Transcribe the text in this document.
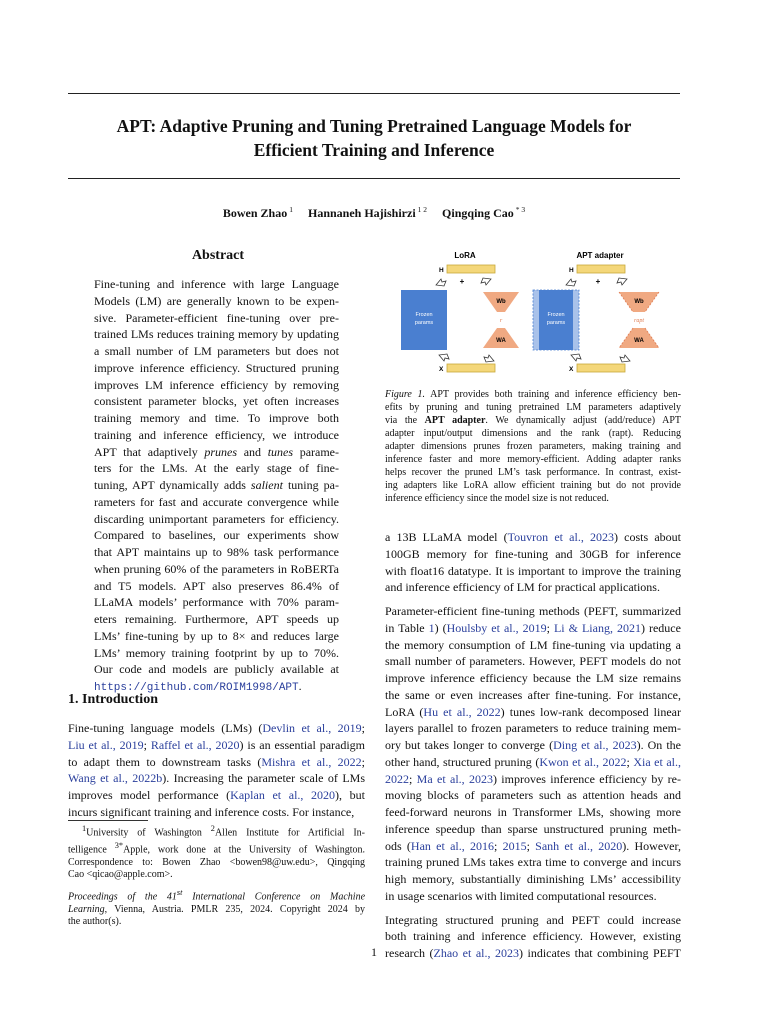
APT: Adaptive Pruning and Tuning Pretrained Language Models for
Efficient Training and Inference
Bowen Zhao $^1$ Hannaneh Hajishirzi $^{1 2}$ Qingqing Cao $^{* 3}$
Abstract
Fine-tuning and inference with large Language
Models (LM) are generally known to be expen-
sive. Parameter-efficient fine-tuning over pre-
trained LMs reduces training memory by updating
a small number of LM parameters but does not
improve inference efficiency. Structured pruning
improves LM inference efficiency by removing
consistent parameter blocks, yet often increases
training memory and time. To improve both
training and inference efficiency, we introduce
APT that adaptively prunes and tunes parame-
ters for the LMs. At the early stage of fine-
tuning, APT dynamically adds salient tuning pa-
rameters for fast and accurate convergence while
discarding unimportant parameters for efficiency.
Compared to baselines, our experiments show
that APT maintains up to 98% task performance
when pruning 60% of the parameters in RoBERTa
and T5 models. APT also preserves 86.4% of
LLaMA models’ performance with 70% param-
eters remaining. Furthermore, APT speeds up
LMs’ fine-tuning by up to 8× and reduces large
LMs’ memory training footprint by up to 70%.
Our code and models are publicly available at
https://github.com/ROIM1998/APT.
1. Introduction
Fine-tuning language models (LMs) (Devlin et al., 2019;
Liu et al., 2019; Raffel et al., 2020) is an essential paradigm
to adapt them to downstream tasks (Mishra et al., 2022;
Wang et al., 2022b). Increasing the parameter scale of LMs
improves model performance (Kaplan et al., 2020), but
incurs significant training and inference costs. For instance,
$^1$University of Washington $^2$Allen Institute for Artificial In-
telligence $^{3*}$Apple, work done at the University of Washington.
Correspondence to: Bowen Zhao <bowen98@uw.edu>, Qingqing
Cao <qicao@apple.com>.
Proceedings of the 41st International Conference on Machine
Learning, Vienna, Austria. PMLR 235, 2024. Copyright 2024 by
the author(s).
LoRA
H
+
Frozen
params
Wb
r
WA
X
APT adapter
H
+
Frozen
params
Wb
rapt
WA
X
Figure 1. APT provides both training and inference efficiency ben-
efits by pruning and tuning pretrained LM parameters adaptively
via the APT adapter. We dynamically adjust (add/reduce) APT
adapter input/output dimensions and the rank (rapt). Reducing
adapter dimensions prunes frozen parameters, making training and
inference faster and more memory-efficient. Adding adapter ranks
helps recover the pruned LM’s task performance. In contrast, exist-
ing adapters like LoRA allow efficient training but do not provide
inference efficiency since the model size is not reduced.
a 13B LLaMA model (Touvron et al., 2023) costs about
100GB memory for fine-tuning and 30GB for inference
with float16 datatype. It is important to improve the training
and inference efficiency of LM for practical applications.
Parameter-efficient fine-tuning methods (PEFT, summarized
in Table 1) (Houlsby et al., 2019; Li & Liang, 2021) reduce
the memory consumption of LM fine-tuning via updating a
small number of parameters. However, PEFT models do not
improve inference efficiency because the LM size remains
the same or even increases after fine-tuning. For instance,
LoRA (Hu et al., 2022) tunes low-rank decomposed linear
layers parallel to frozen parameters to reduce training mem-
ory but takes longer to converge (Ding et al., 2023). On the
other hand, structured pruning (Kwon et al., 2022; Xia et al.,
2022; Ma et al., 2023) improves inference efficiency by re-
moving blocks of parameters such as attention heads and
feed-forward neurons in Transformer LMs, showing more
inference speedup than sparse unstructured pruning meth-
ods (Han et al., 2016; 2015; Sanh et al., 2020). However,
training pruned LMs takes extra time to converge and incurs
high memory, substantially diminishing LMs’ accessibility
in usage scenarios with limited computational resources.
Integrating structured pruning and PEFT could increase
both training and inference efficiency. However, existing
research (Zhao et al., 2023) indicates that combining PEFT
1
